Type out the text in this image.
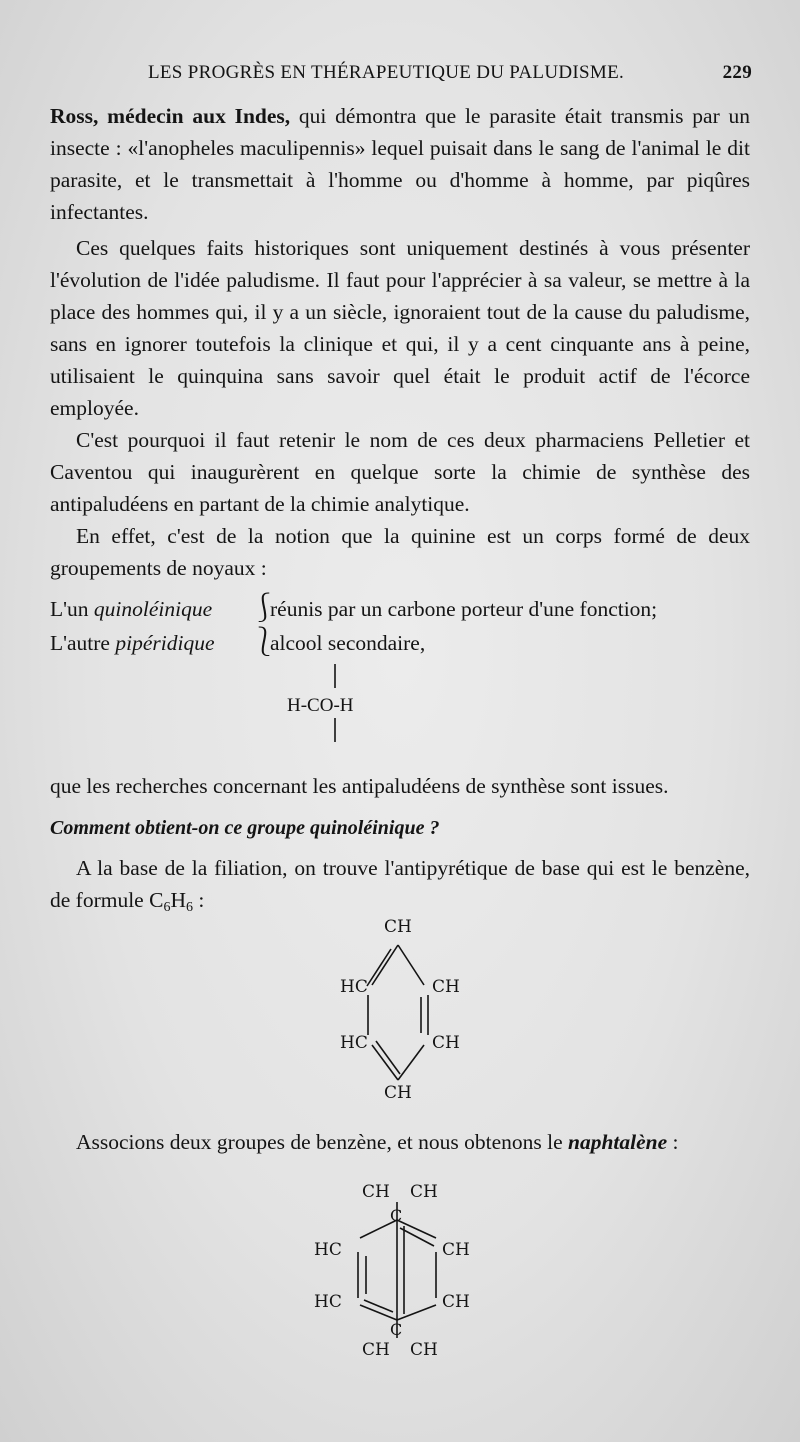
LES PROGRÈS EN THÉRAPEUTIQUE DU PALUDISME.	229

Ross, médecin aux Indes, qui démontra que le parasite était transmis par un insecte : «l'anopheles maculipennis» lequel puisait dans le sang de l'animal le dit parasite, et le transmettait à l'homme ou d'homme à homme, par piqûres infectantes.

Ces quelques faits historiques sont uniquement destinés à vous présenter l'évolution de l'idée paludisme. Il faut pour l'apprécier à sa valeur, se mettre à la place des hommes qui, il y a un siècle, ignoraient tout de la cause du paludisme, sans en ignorer toutefois la clinique et qui, il y a cent cinquante ans à peine, utilisaient le quinquina sans savoir quel était le produit actif de l'écorce employée.

C'est pourquoi il faut retenir le nom de ces deux pharmaciens Pelletier et Caventou qui inaugurèrent en quelque sorte la chimie de synthèse des antipaludéens en partant de la chimie analytique.

En effet, c'est de la notion que la quinine est un corps formé de deux groupements de noyaux :

L'un quinoléinique	⎰
réunis par un carbone porteur d'une fonction;
L'autre pipéridique	⎱
alcool secondaire,
H-CO-H

que les recherches concernant les antipaludéens de synthèse sont issues.

Comment obtient-on ce groupe quinoléinique ?

A la base de la filiation, on trouve l'antipyrétique de base qui est le benzène, de formule $C_6H_6$ :

CH
HC	CH
HC	CH
CH

Associons deux groupes de benzène, et nous obtenons le naphtalène :

CH CH
C
HC	CH
HC	CH
C
CH CH
